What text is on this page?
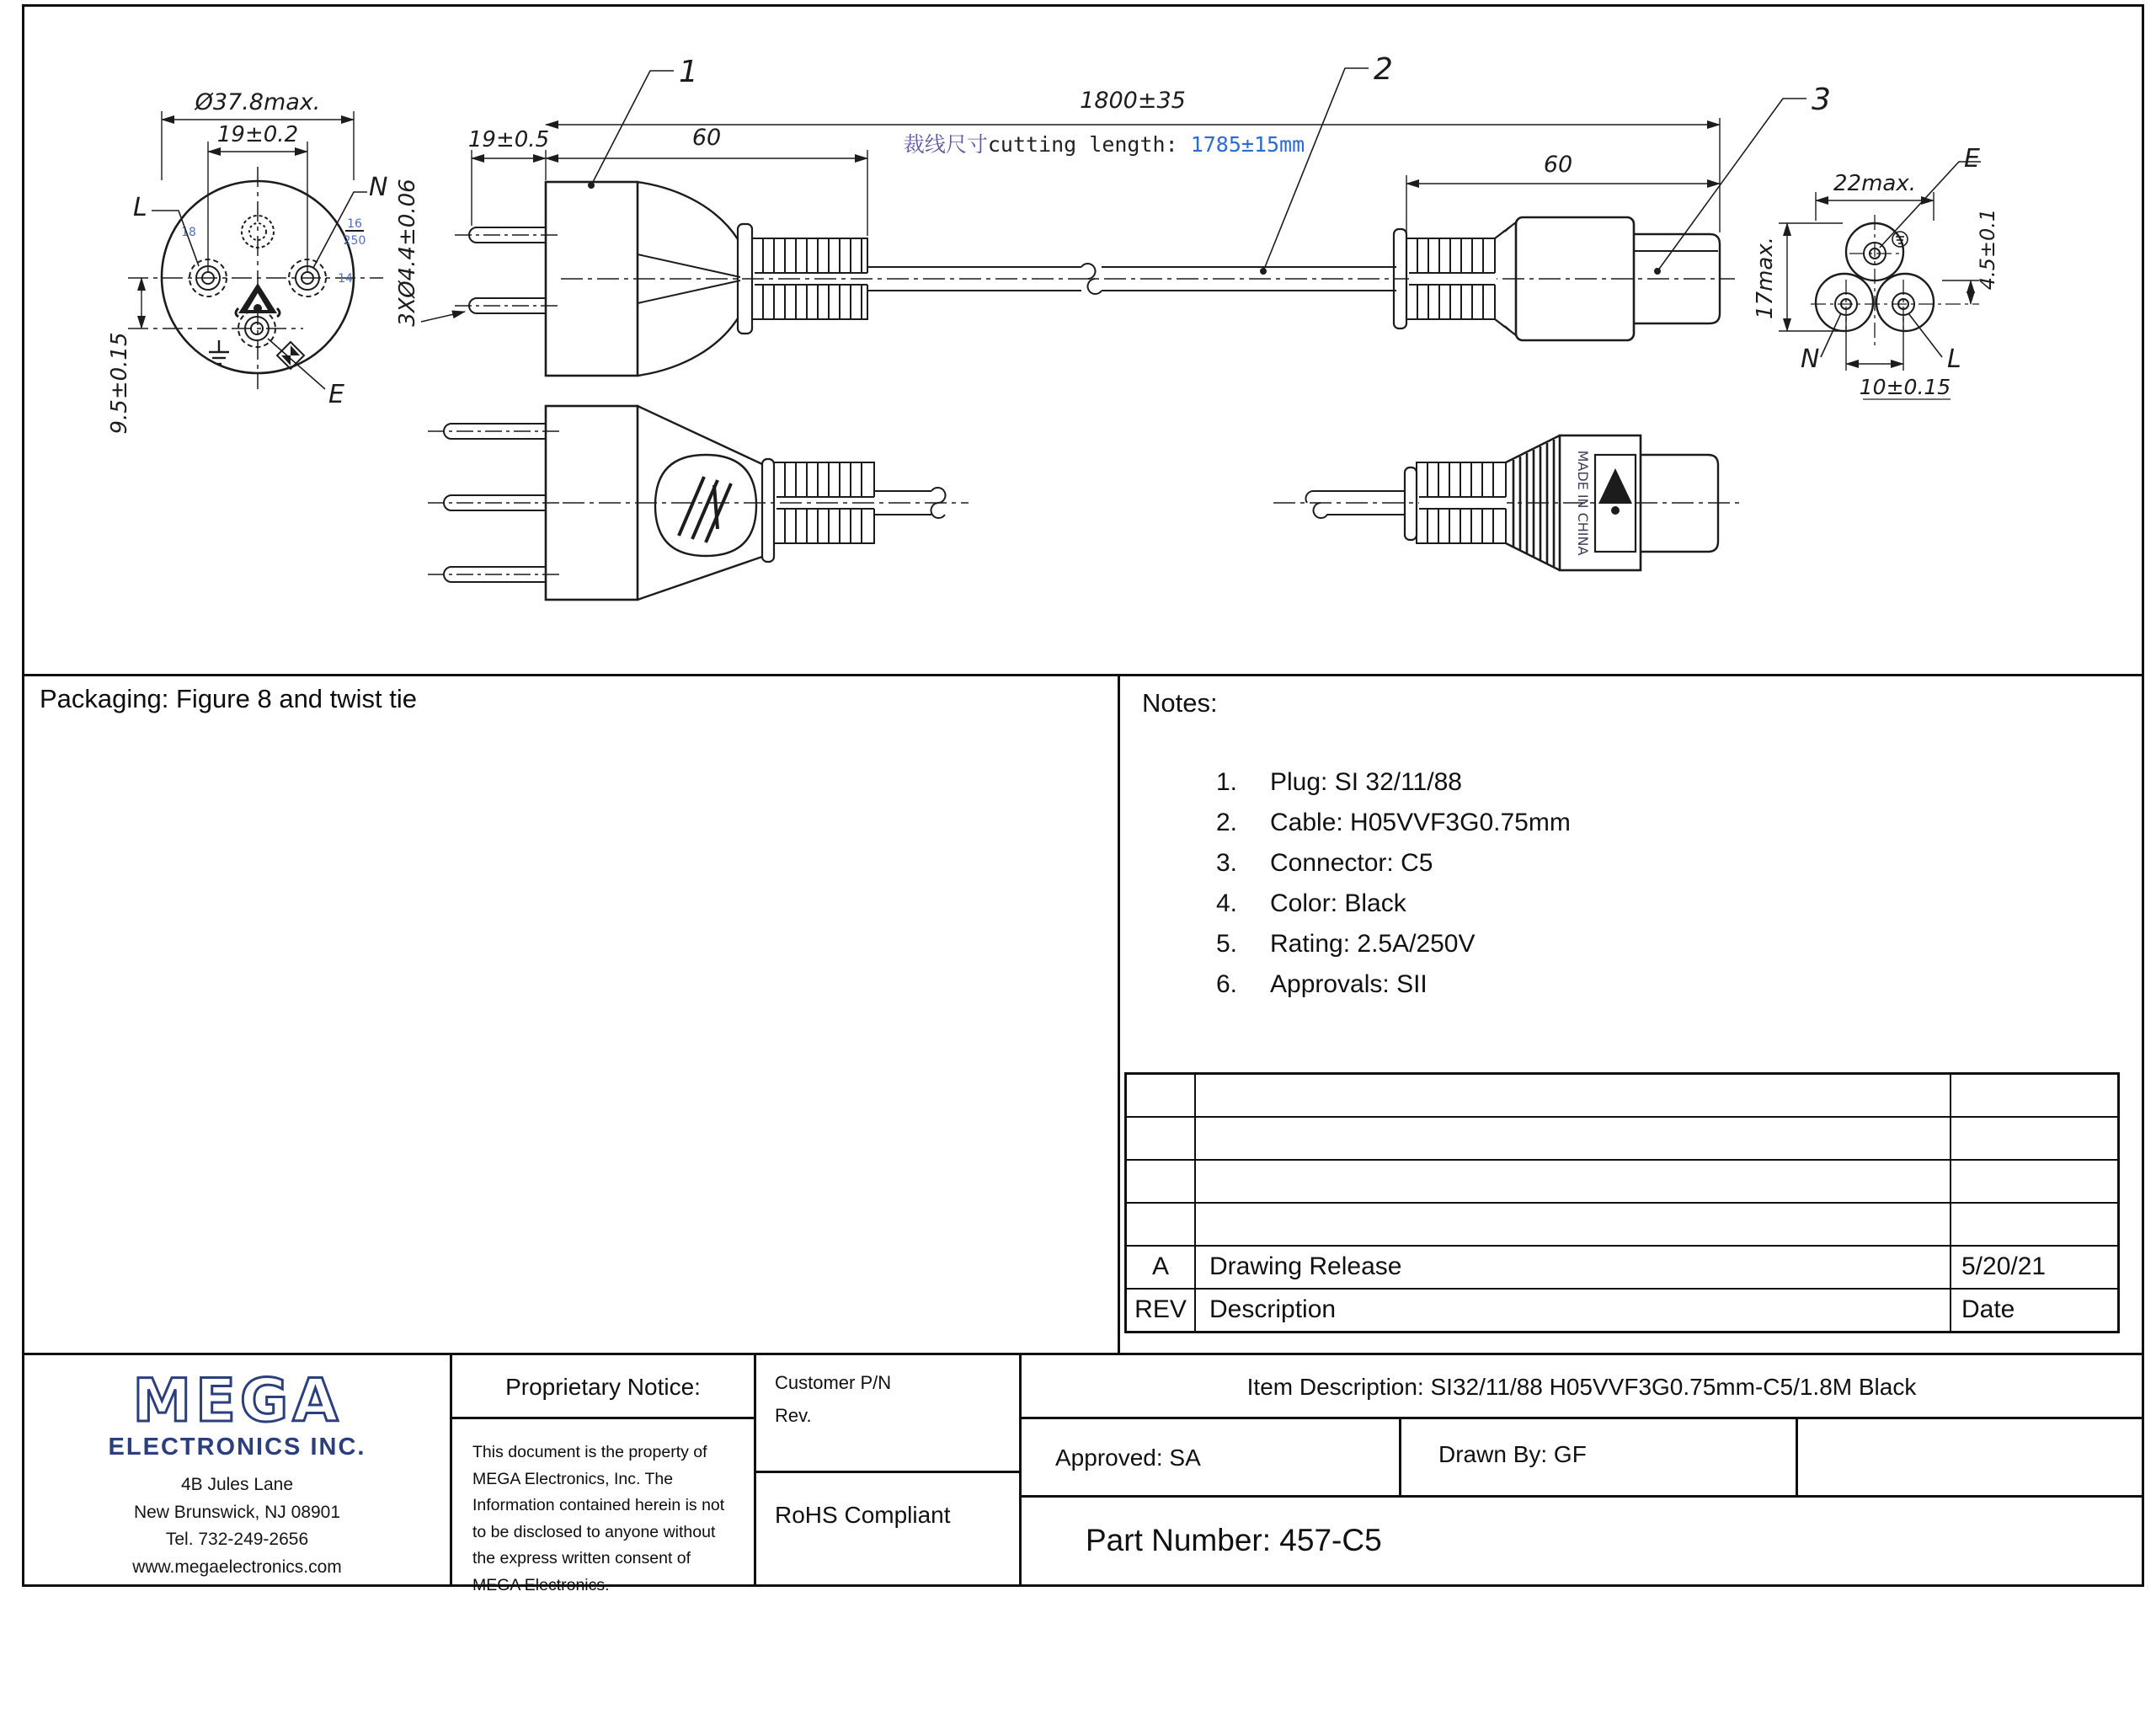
18
16
250
14
Ø37.8max.
19±0.2
9.5±0.15
L
N
E
19±0.5	60
3XØ4.4±0.06
1800±35
裁线尺寸cutting length: 1785±15mm
1	2
3
60
22max.
17max.	4.5±0.1
10±0.15
E
N	L
MADE IN CHINA
Packaging: Figure 8 and twist tie	Notes:
1.	Plug: SI 32/11/88
2.	Cable: H05VVF3G0.75mm
3.	Connector: C5
4.	Color: Black
5.	Rating: 2.5A/250V
6.	Approvals: SII
A	Drawing Release	5/20/21
REV Description	Date
MEGA
ELECTRONICS INC.
4B Jules Lane
New Brunswick, NJ 08901
Tel. 732-249-2656
www.megaelectronics.com
Proprietary Notice:
This document is the property of MEGA Electronics, Inc. The Information contained herein is not to be disclosed to anyone without the express written consent of MEGA Electronics.
Customer P/N
Rev.
RoHS Compliant
Item Description: SI32/11/88 H05VVF3G0.75mm-C5/1.8M Black
Approved: SA	Drawn By: GF
Part Number: 457-C5
